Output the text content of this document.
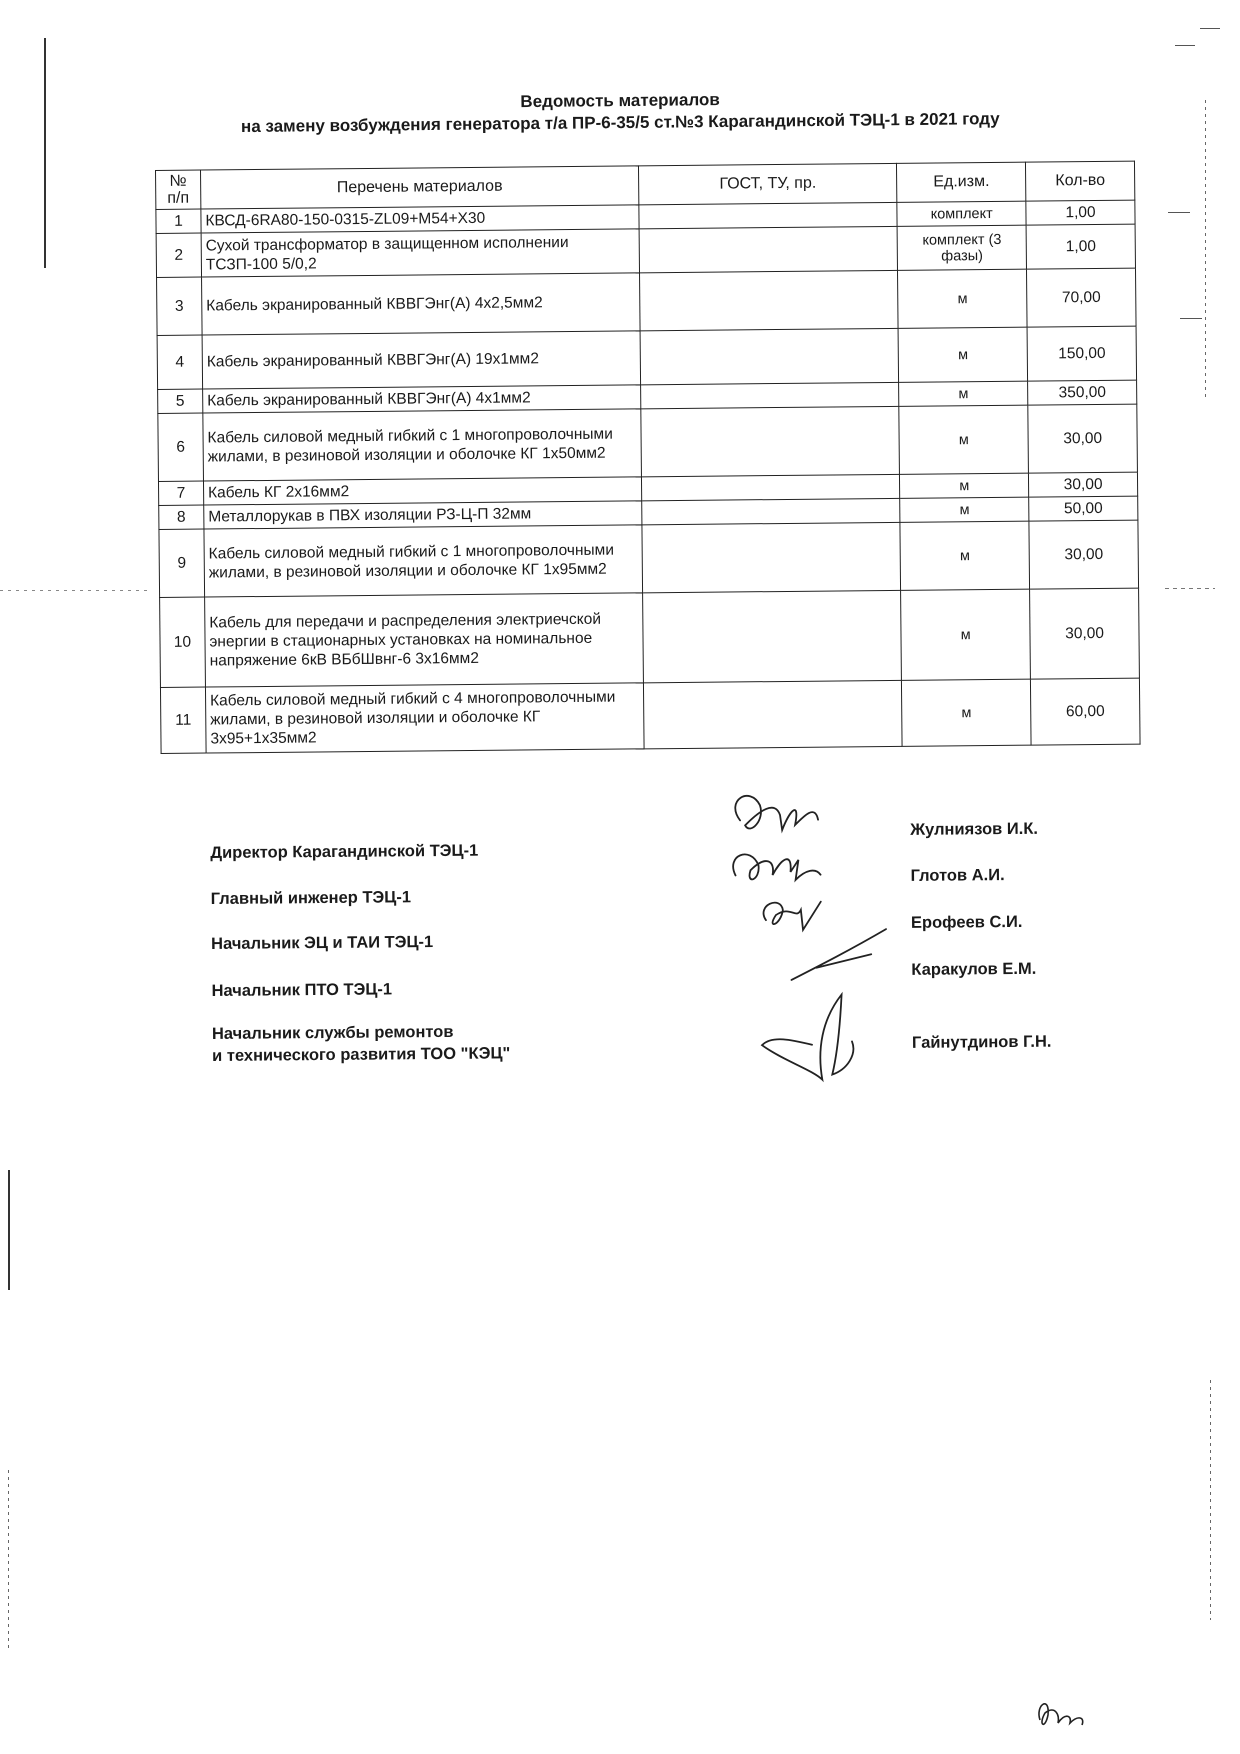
Ведомость материалов
на замену возбуждения генератора т/а ПР-6-35/5 ст.№3 Карагандинской ТЭЦ-1 в 2021 году
№
п/п	Перечень материалов	ГОСТ, ТУ, пр.	Ед.изм.	Кол-во
1	КВСД-6RA80-150-0315-ZL09+M54+X30		комплект	1,00
2	Сухой трансформатор в защищенном исполнении ТСЗП-100 5/0,2		комплект (3 фазы)	1,00
3	Кабель экранированный КВВГЭнг(А) 4х2,5мм2		м	70,00
4	Кабель экранированный КВВГЭнг(А) 19х1мм2		м	150,00
5	Кабель экранированный КВВГЭнг(А) 4х1мм2		м	350,00
6	Кабель силовой медный гибкий с 1 многопроволочными жилами, в резиновой изоляции и оболочке КГ 1х50мм2		м	30,00
7	Кабель КГ 2х16мм2		м	30,00
8	Металлорукав в ПВХ изоляции РЗ-Ц-П 32мм		м	50,00
9	Кабель силовой медный гибкий с 1 многопроволочными жилами, в резиновой изоляции и оболочке КГ 1х95мм2		м	30,00
10	Кабель для передачи и распределения электриечской энергии в стационарных установках на номинальное напряжение 6кВ ВБбШвнг-6 3х16мм2		м	30,00
11	Кабель силовой медный гибкий с 4 многопроволочными жилами, в резиновой изоляции и оболочке КГ 3х95+1х35мм2		м	60,00
Директор Карагандинской ТЭЦ-1
Жулниязов И.К.
Главный инженер ТЭЦ-1
Глотов А.И.
Начальник ЭЦ и ТАИ ТЭЦ-1
Ерофеев С.И.
Начальник ПТО ТЭЦ-1
Каракулов Е.М.
Начальник службы ремонтов
и технического развития ТОО "КЭЦ"
Гайнутдинов Г.Н.
